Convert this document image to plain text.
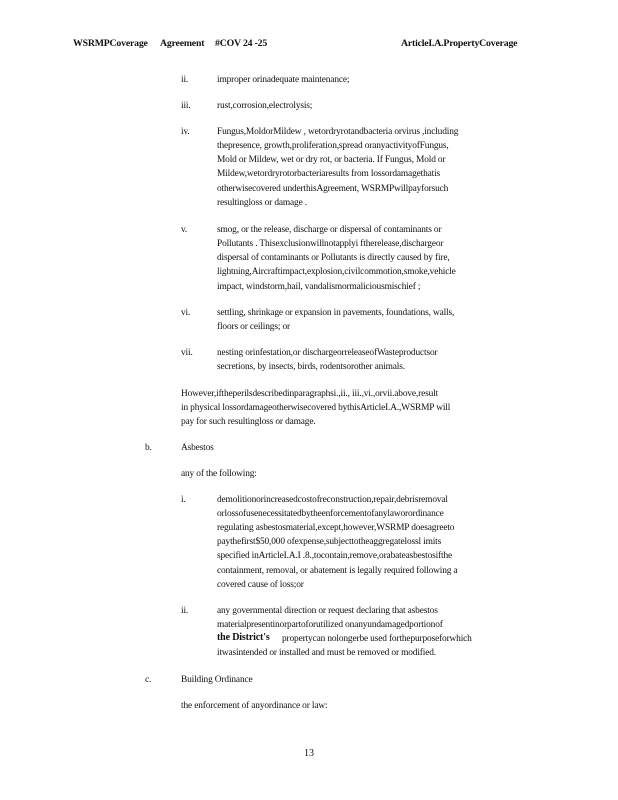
WSRMPCoverage Agreement #COV 24 -25	ArticleI.A.PropertyCoverage
ii.	improper orinadequate maintenance;
iii.	rust,corrosion,electrolysis;
iv.	Fungus,MoldorMildew , wetordryrotandbacteria orvirus ,including
thepresence, growth,proliferation,spread oranyactivityofFungus,
Mold or Mildew, wet or dry rot, or bacteria. If Fungus, Mold or
Mildew,wetordryrotorbacteriaresults from lossordamagethatis
otherwisecovered underthisAgreement, WSRMPwillpayforsuch
resultingloss or damage .
v.	smog, or the release, discharge or dispersal of contaminants or
Pollutants . Thisexclusionwillnotapplyi ftherelease,dischargeor
dispersal of contaminants or Pollutants is directly caused by fire,
lightning,Aircraftimpact,explosion,civilcommotion,smoke,vehicle
impact, windstorm,hail, vandalismormaliciousmischief ;
vi.	settling, shrinkage or expansion in pavements, foundations, walls,
floors or ceilings; or
vii.	nesting orinfestation,or dischargeorreleaseofWasteproductsor
secretions, by insects, birds, rodentsorother animals.
However,iftheperilsdescribedinparagraphsi.,ii., iii.,vi.,orvii.above,result
in physical lossordamageotherwisecovered bythisArticleI.A.,WSRMP will
pay for such resultingloss or damage.
b.	Asbestos
any of the following:
i.	demolitionorincreasedcostofreconstruction,repair,debrisremoval
orlossofusenecessitatedbytheenforcementofanylaworordinance
regulating asbestosmaterial,except,however,WSRMP doesagreeto
paythefirst$50,000 ofexpense,subjecttotheaggregatelossl imits
specified inArticleI.A.I .8.,tocontain,remove,orabateasbestosifthe
containment, removal, or abatement is legally required following a
covered cause of loss;or
ii.	any governmental direction or request declaring that asbestos
materialpresentinorpartoforutilized onanyundamagedportionof
the District's propertycan nolongerbe used forthepurposeforwhich
itwasintended or installed and must be removed or modified.
c.	Building Ordinance
the enforcement of anyordinance or law:
13
